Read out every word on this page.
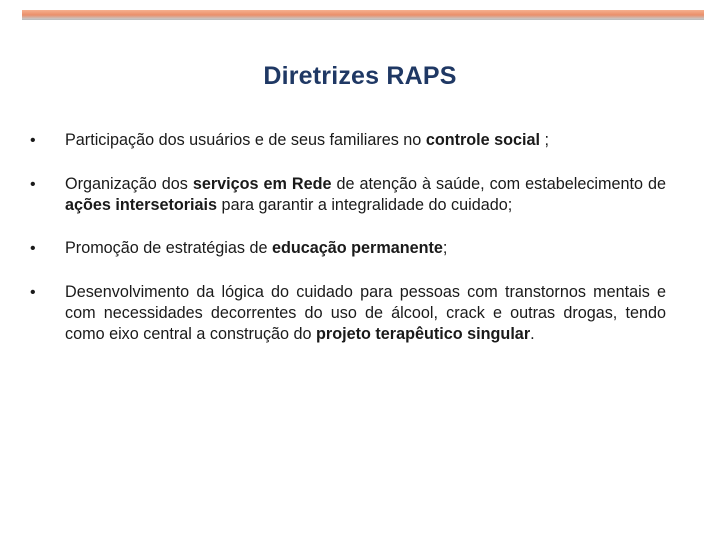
Diretrizes RAPS
• Participação dos usuários e de seus familiares no controle social ;
• Organização dos serviços em Rede de atenção à saúde, com estabelecimento de ações intersetoriais para garantir a integralidade do cuidado;
• Promoção de estratégias de educação permanente;
• Desenvolvimento da lógica do cuidado para pessoas com transtornos mentais e com necessidades decorrentes do uso de álcool, crack e outras drogas, tendo como eixo central a construção do projeto terapêutico singular.
